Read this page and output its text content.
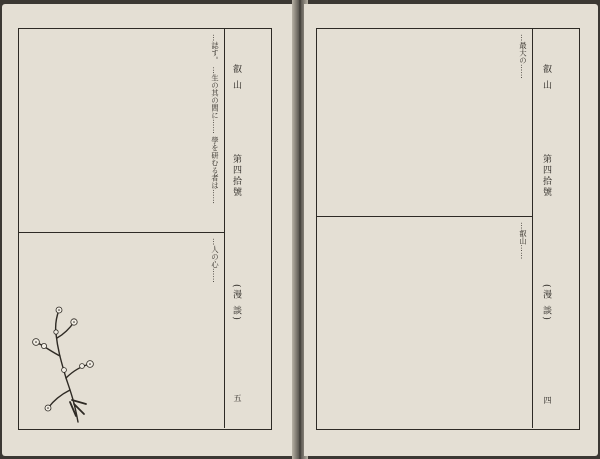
叡 山
第四拾號
(漫 談)
五
…誌す。 …生の其の間に…… 學を研むる者は……
…人の心……
叡 山
第四拾號
(漫 談)
四
…最大の……
…叡山……
